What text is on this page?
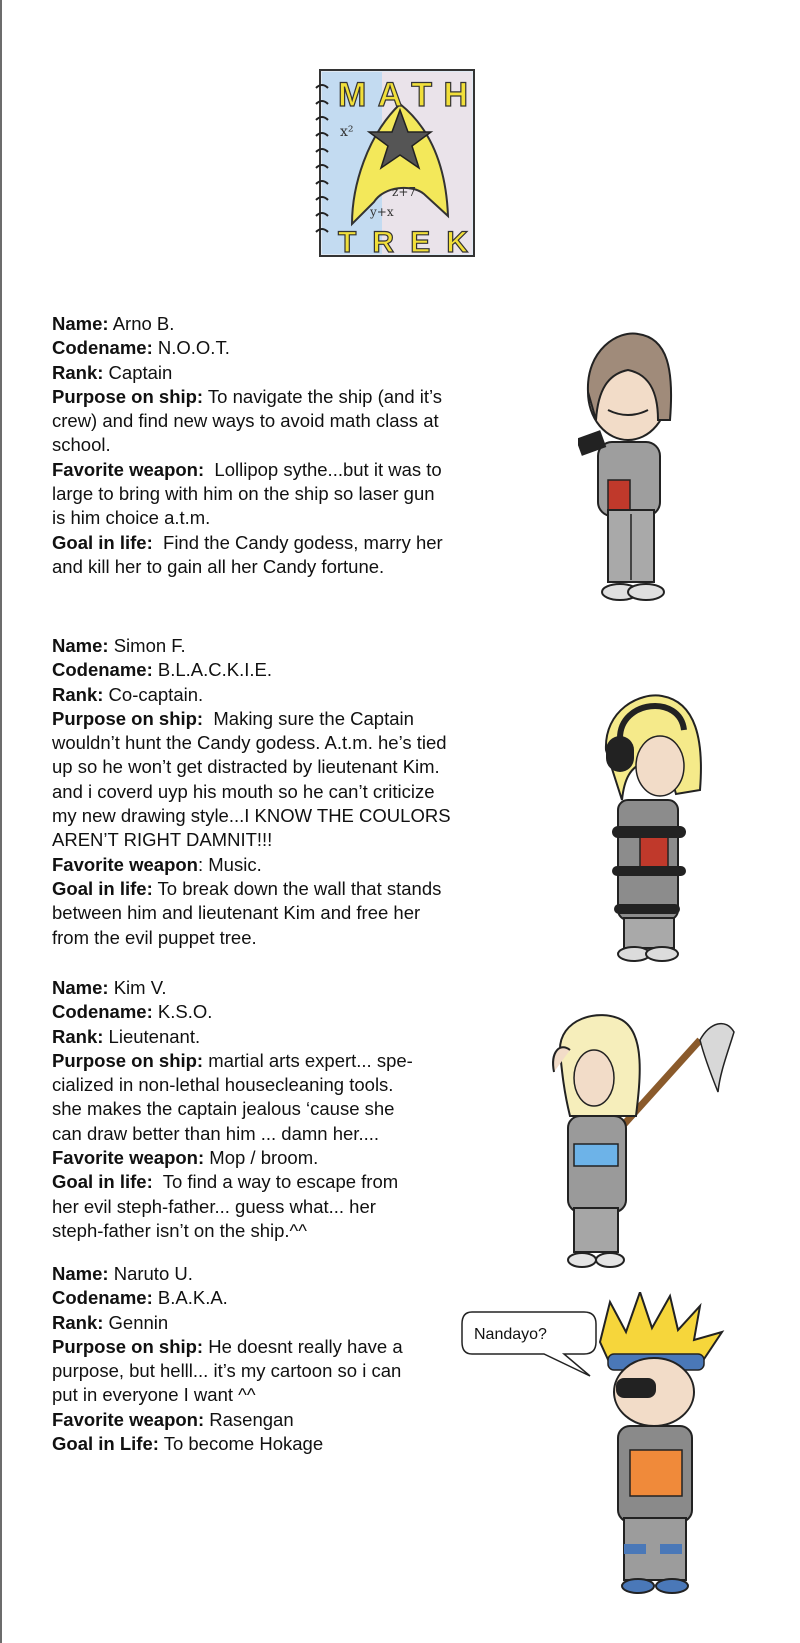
MATH
TREK
x²
y+x
z+7
Name: Arno B.
Codename: N.O.O.T.
Rank: Captain
Purpose on ship: To navigate the ship (and it’s
crew) and find new ways to avoid math class at
school.
Favorite weapon: Lollipop sythe...but it was to
large to bring with him on the ship so laser gun
is him choice a.t.m.
Goal in life: Find the Candy godess, marry her
and kill her to gain all her Candy fortune.
Name: Simon F.
Codename: B.L.A.C.K.I.E.
Rank: Co-captain.
Purpose on ship: Making sure the Captain
wouldn’t hunt the Candy godess. A.t.m. he’s tied
up so he won’t get distracted by lieutenant Kim.
and i coverd uyp his mouth so he can’t criticize
my new drawing style...I KNOW THE COULORS
AREN’T RIGHT DAMNIT!!!
Favorite weapon: Music.
Goal in life: To break down the wall that stands
between him and lieutenant Kim and free her
from the evil puppet tree.
Name: Kim V.
Codename: K.S.O.
Rank: Lieutenant.
Purpose on ship: martial arts expert... spe-
cialized in non-lethal housecleaning tools.
she makes the captain jealous ‘cause she
can draw better than him ... damn her....
Favorite weapon: Mop / broom.
Goal in life: To find a way to escape from
her evil steph-father... guess what... her
steph-father isn’t on the ship.^^
Name: Naruto U.
Codename: B.A.K.A.
Rank: Gennin
Purpose on ship: He doesnt really have a
purpose, but helll... it’s my cartoon so i can
put in everyone I want ^^
Favorite weapon: Rasengan
Goal in Life: To become Hokage
Nandayo?
